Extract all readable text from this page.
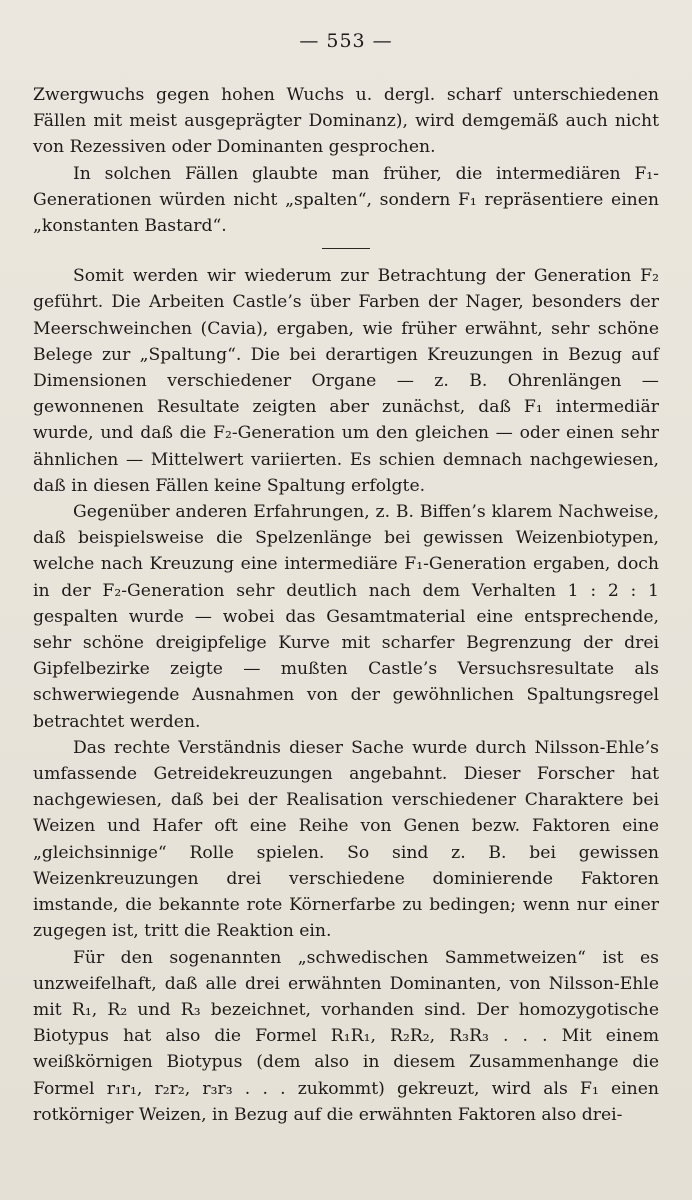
— 553 —

Zwergwuchs gegen hohen Wuchs u. dergl. scharf unterschiedenen Fällen mit meist ausgeprägter Dominanz), wird demgemäß auch nicht von Rezessiven oder Dominanten gesprochen.

In solchen Fällen glaubte man früher, die intermediären F₁-Generationen würden nicht „spalten“, sondern F₁ repräsentiere einen „konstanten Bastard“.

Somit werden wir wiederum zur Betrachtung der Generation F₂ geführt. Die Arbeiten Castle’s über Farben der Nager, besonders der Meerschweinchen (Cavia), ergaben, wie früher erwähnt, sehr schöne Belege zur „Spaltung“. Die bei derartigen Kreuzungen in Bezug auf Dimensionen verschiedener Organe — z. B. Ohrenlängen — gewonnenen Resultate zeigten aber zunächst, daß F₁ intermediär wurde, und daß die F₂-Generation um den gleichen — oder einen sehr ähnlichen — Mittelwert variierten. Es schien demnach nachgewiesen, daß in diesen Fällen keine Spaltung erfolgte.

Gegenüber anderen Erfahrungen, z. B. Biffen’s klarem Nachweise, daß beispielsweise die Spelzenlänge bei gewissen Weizenbiotypen, welche nach Kreuzung eine intermediäre F₁-Generation ergaben, doch in der F₂-Generation sehr deutlich nach dem Verhalten 1 : 2 : 1 gespalten wurde — wobei das Gesamtmaterial eine entsprechende, sehr schöne dreigipfelige Kurve mit scharfer Begrenzung der drei Gipfelbezirke zeigte — mußten Castle’s Versuchsresultate als schwerwiegende Ausnahmen von der gewöhnlichen Spaltungsregel betrachtet werden.

Das rechte Verständnis dieser Sache wurde durch Nilsson-Ehle’s umfassende Getreidekreuzungen angebahnt. Dieser Forscher hat nachgewiesen, daß bei der Realisation verschiedener Charaktere bei Weizen und Hafer oft eine Reihe von Genen bezw. Faktoren eine „gleichsinnige“ Rolle spielen. So sind z. B. bei gewissen Weizenkreuzungen drei verschiedene dominierende Faktoren imstande, die bekannte rote Körnerfarbe zu bedingen; wenn nur einer zugegen ist, tritt die Reaktion ein.

Für den sogenannten „schwedischen Sammetweizen“ ist es unzweifelhaft, daß alle drei erwähnten Dominanten, von Nilsson-Ehle mit R₁, R₂ und R₃ bezeichnet, vorhanden sind. Der homozygotische Biotypus hat also die Formel R₁R₁, R₂R₂, R₃R₃ . . . Mit einem weißkörnigen Biotypus (dem also in diesem Zusammenhange die Formel r₁r₁, r₂r₂, r₃r₃ . . . zukommt) gekreuzt, wird als F₁ einen rotkörniger Weizen, in Bezug auf die erwähnten Faktoren also drei-
